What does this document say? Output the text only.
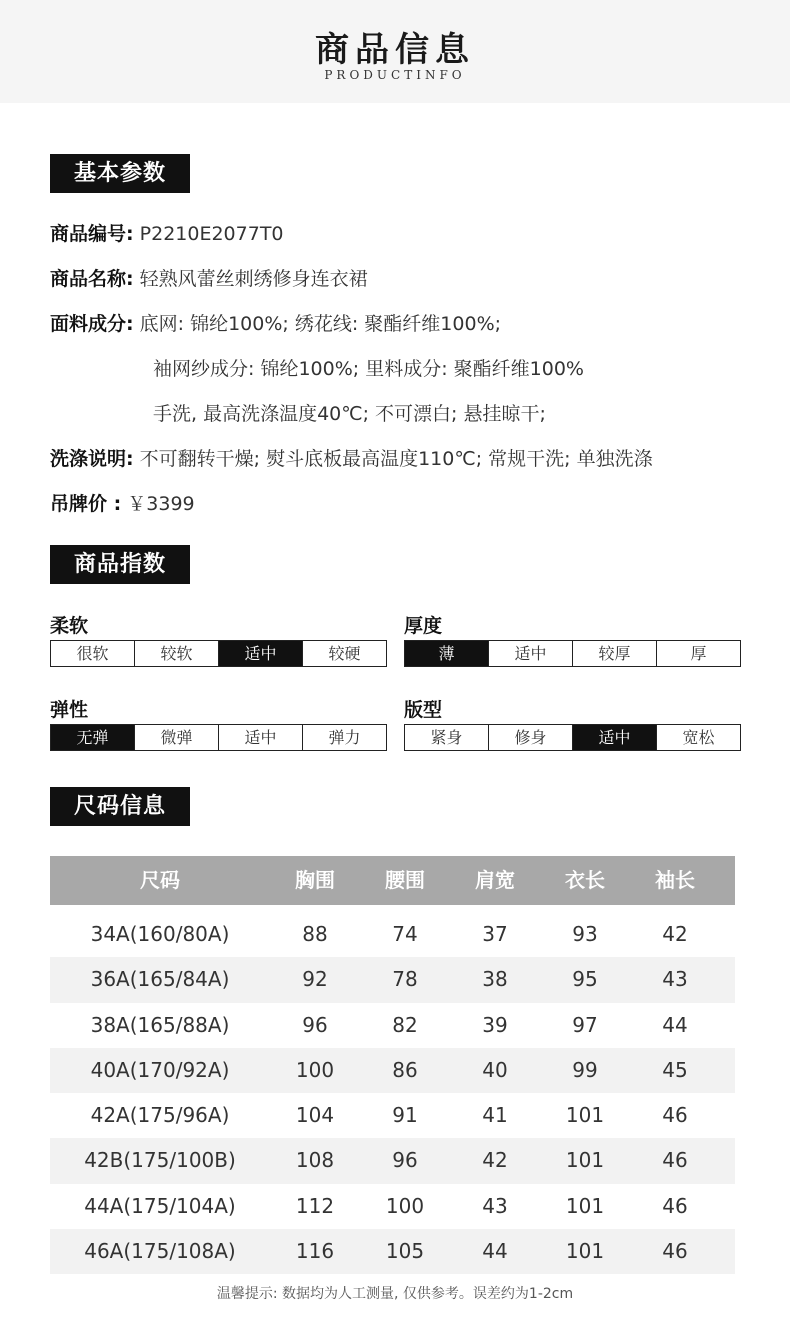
商品信息
PRODUCTINFO
基本参数
商品编号: P2210E2077T0
商品名称: 轻熟风蕾丝刺绣修身连衣裙
面料成分: 底网: 锦纶100%; 绣花线: 聚酯纤维100%;
袖网纱成分: 锦纶100%; 里料成分: 聚酯纤维100%
手洗, 最高洗涤温度40℃; 不可漂白; 悬挂晾干;
洗涤说明: 不可翻转干燥; 熨斗底板最高温度110℃; 常规干洗; 单独洗涤
吊牌价 : ￥3399
商品指数
柔软
很软	较软	适中	较硬
厚度
薄	适中	较厚	厚
弹性
无弹	微弹	适中	弹力
版型
紧身	修身	适中	宽松
尺码信息
尺码	胸围	腰围	肩宽	衣长	袖长
34A(160/80A)	88	74	37	93	42
36A(165/84A)	92	78	38	95	43
38A(165/88A)	96	82	39	97	44
40A(170/92A)	100	86	40	99	45
42A(175/96A)	104	91	41	101	46
42B(175/100B)	108	96	42	101	46
44A(175/104A)	112	100	43	101	46
46A(175/108A)	116	105	44	101	46
温馨提示: 数据均为人工测量, 仅供参考。误差约为1-2cm
